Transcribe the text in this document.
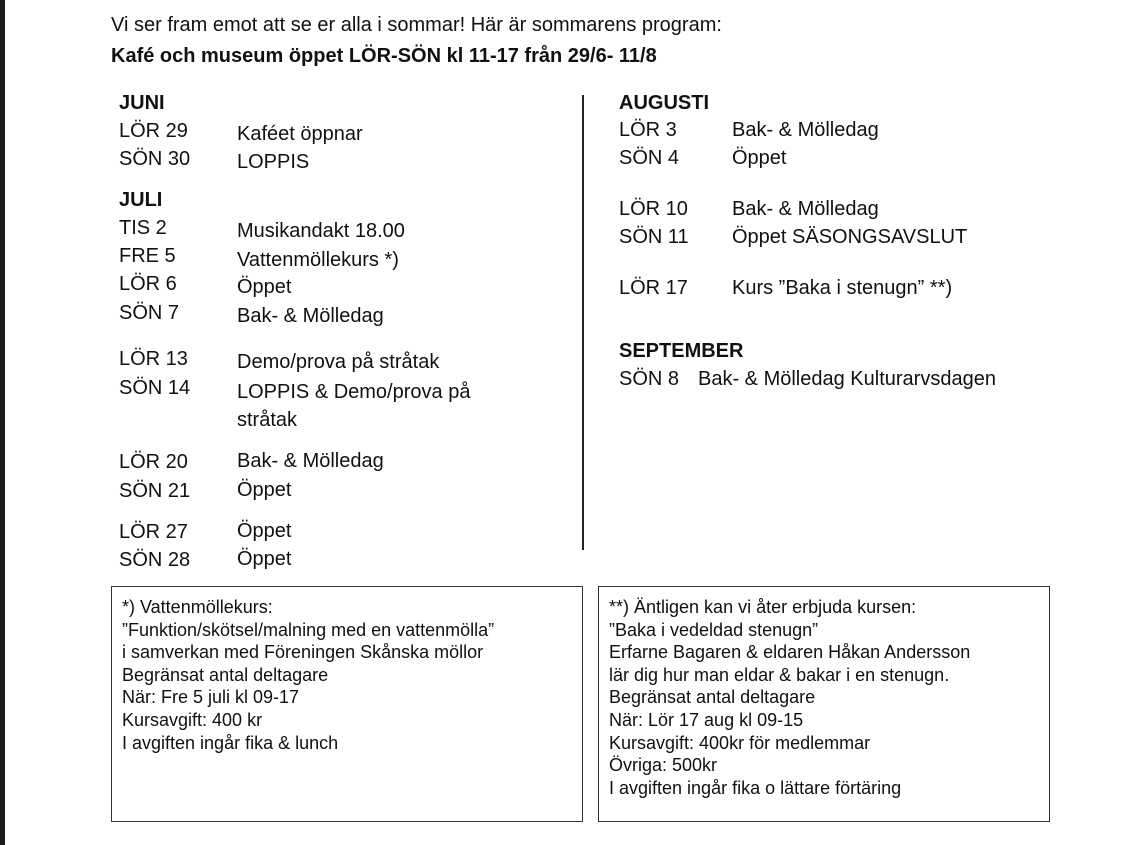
Vi ser fram emot att se er alla i sommar! Här är sommarens program:

Kafé och museum öppet LÖR-SÖN kl 11-17 från 29/6- 11/8

JUNI
LÖR 29 Kaféet öppnar
SÖN 30 LOPPIS
JULI
TIS 2	Musikandakt 18.00
FRE 5	Vattenmöllekurs *)
LÖR 6	Öppet
SÖN 7	Bak- & Mölledag
LÖR 13 Demo/prova på stråtak
SÖN 14 LOPPIS & Demo/prova på
stråtak
LÖR 20 Bak- & Mölledag
SÖN 21 Öppet
LÖR 27 Öppet
SÖN 28 Öppet
AUGUSTI
LÖR 3	Bak- & Mölledag
SÖN 4	Öppet
LÖR 10 Bak- & Mölledag
SÖN 11 Öppet SÄSONGSAVSLUT
LÖR 17 Kurs ”Baka i stenugn” **)
SEPTEMBER
SÖN 8 Bak- & Mölledag Kulturarvsdagen
*) Vattenmöllekurs:
”Funktion/skötsel/malning med en vattenmölla”
i samverkan med Föreningen Skånska möllor
Begränsat antal deltagare
När: Fre 5 juli kl 09-17
Kursavgift: 400 kr
I avgiften ingår fika & lunch
**) Äntligen kan vi åter erbjuda kursen:
”Baka i vedeldad stenugn”
Erfarne Bagaren & eldaren Håkan Andersson
lär dig hur man eldar & bakar i en stenugn.
Begränsat antal deltagare
När: Lör 17 aug kl 09-15
Kursavgift: 400kr för medlemmar
Övriga: 500kr
I avgiften ingår fika o lättare förtäring
